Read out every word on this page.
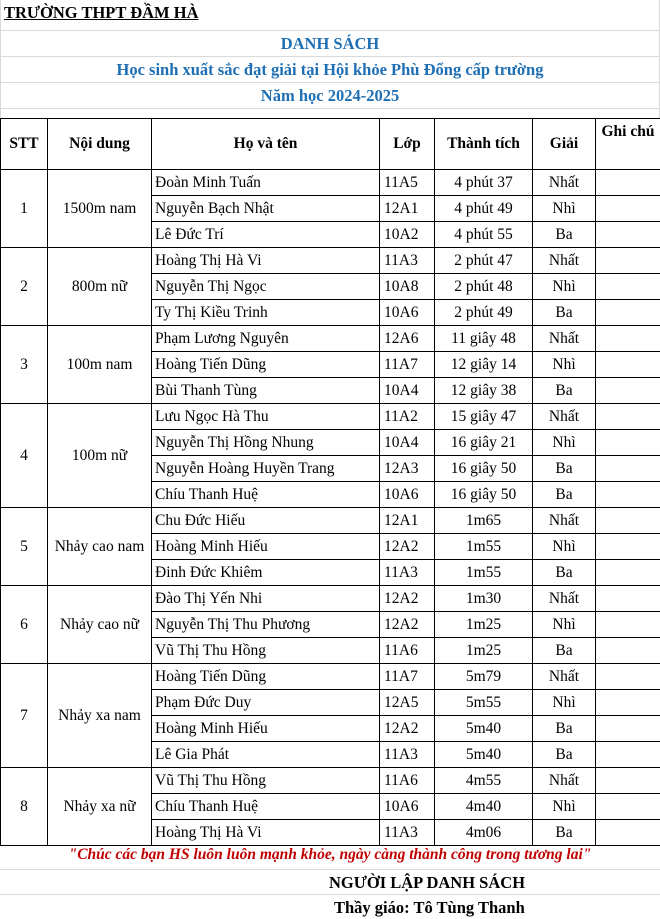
TRƯỜNG THPT ĐẦM HÀ
DANH SÁCH
Học sinh xuất sắc đạt giải tại Hội khỏe Phù Đổng cấp trường
Năm học 2024-2025
STT	Nội dung	Họ và tên	Lớp	Thành tích	Giải	Ghi chú
1	1500m nam	Đoàn Minh Tuấn	11A5	4 phút 37	Nhất	
		Nguyễn Bạch Nhật	12A1	4 phút 49	Nhì	
		Lê Đức Trí	10A2	4 phút 55	Ba	
2	800m nữ	Hoàng Thị Hà Vi	11A3	2 phút 47	Nhất	
		Nguyễn Thị Ngọc	10A8	2 phút 48	Nhì	
		Ty Thị Kiều Trinh	10A6	2 phút 49	Ba	
3	100m nam	Phạm Lương Nguyên	12A6	11 giây 48	Nhất	
		Hoàng Tiến Dũng	11A7	12 giây 14	Nhì	
		Bùi Thanh Tùng	10A4	12 giây 38	Ba	
4	100m nữ	Lưu Ngọc Hà Thu	11A2	15 giây 47	Nhất	
		Nguyễn Thị Hồng Nhung	10A4	16 giây 21	Nhì	
		Nguyễn Hoàng Huyền Trang	12A3	16 giây 50	Ba	
		Chíu Thanh Huệ	10A6	16 giây 50	Ba	
5	Nhảy cao nam	Chu Đức Hiếu	12A1	1m65	Nhất	
		Hoàng Minh Hiếu	12A2	1m55	Nhì	
		Đinh Đức Khiêm	11A3	1m55	Ba	
6	Nhảy cao nữ	Đào Thị Yến Nhi	12A2	1m30	Nhất	
		Nguyễn Thị Thu Phương	12A2	1m25	Nhì	
		Vũ Thị Thu Hồng	11A6	1m25	Ba	
7	Nhảy xa nam	Hoàng Tiến Dũng	11A7	5m79	Nhất	
		Phạm Đức Duy	12A5	5m55	Nhì	
		Hoàng Minh Hiếu	12A2	5m40	Ba	
		Lê Gia Phát	11A3	5m40	Ba	
8	Nhảy xa nữ	Vũ Thị Thu Hồng	11A6	4m55	Nhất	
		Chíu Thanh Huệ	10A6	4m40	Nhì	
		Hoàng Thị Hà Vi	11A3	4m06	Ba	
"Chúc các bạn HS luôn luôn mạnh khỏe, ngày càng thành công trong tương lai"
NGƯỜI LẬP DANH SÁCH
Thầy giáo: Tô Tùng Thanh
